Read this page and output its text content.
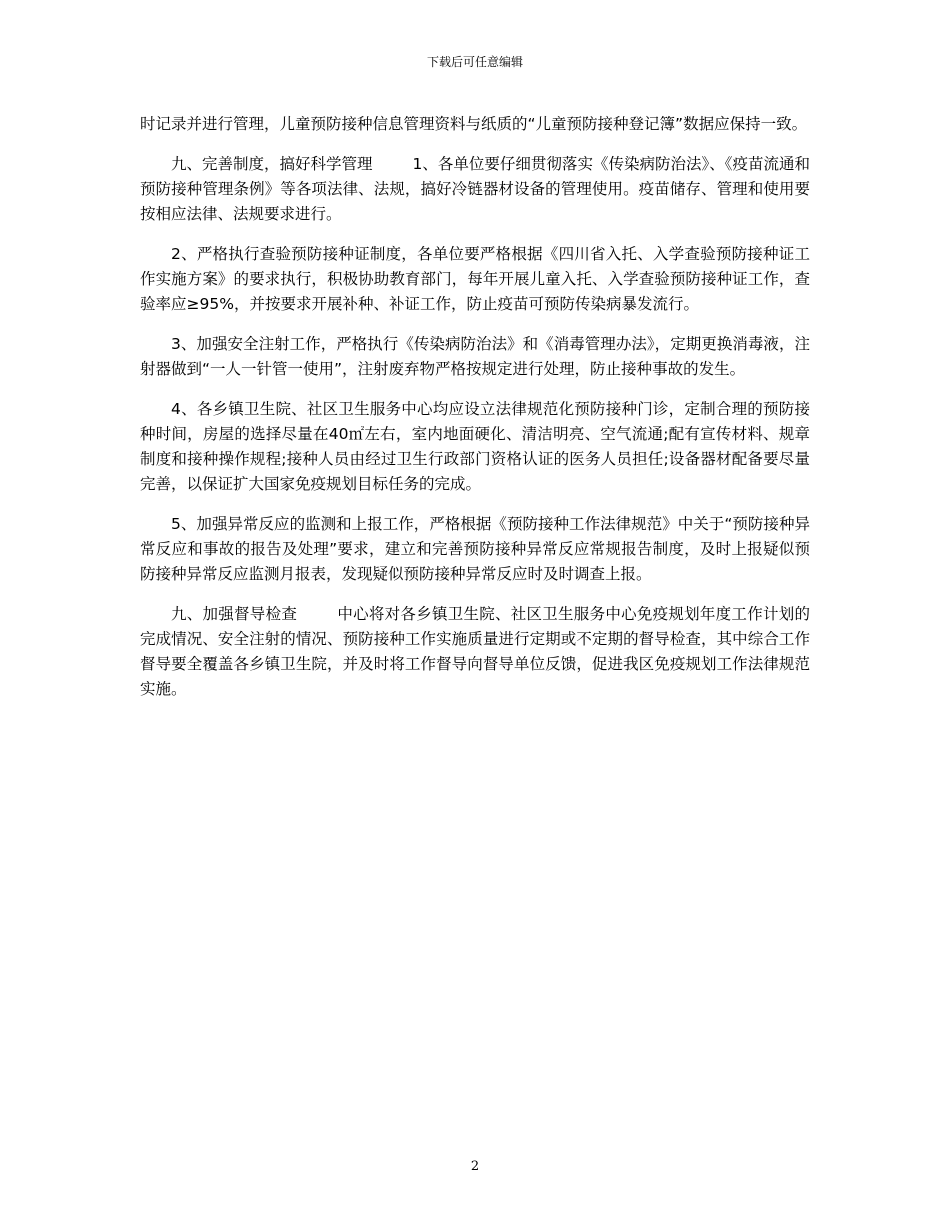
下载后可任意编辑

时记录并进行管理，儿童预防接种信息管理资料与纸质的“儿童预防接种登记簿”数据应保持一致。

九、完善制度，搞好科学管理	1、各单位要仔细贯彻落实《传染病防治法》、《疫苗流通和预防接种管理条例》等各项法律、法规，搞好冷链器材设备的管理使用。疫苗储存、管理和使用要按相应法律、法规要求进行。

2、严格执行查验预防接种证制度，各单位要严格根据《四川省入托、入学查验预防接种证工作实施方案》的要求执行，积极协助教育部门，每年开展儿童入托、入学查验预防接种证工作，查验率应≥95%，并按要求开展补种、补证工作，防止疫苗可预防传染病暴发流行。

3、加强安全注射工作，严格执行《传染病防治法》和《消毒管理办法》，定期更换消毒液，注射器做到“一人一针管一使用”，注射废弃物严格按规定进行处理，防止接种事故的发生。

4、各乡镇卫生院、社区卫生服务中心均应设立法律规范化预防接种门诊，定制合理的预防接种时间，房屋的选择尽量在40㎡左右，室内地面硬化、清洁明亮、空气流通;配有宣传材料、规章制度和接种操作规程;接种人员由经过卫生行政部门资格认证的医务人员担任;设备器材配备要尽量完善，以保证扩大国家免疫规划目标任务的完成。

5、加强异常反应的监测和上报工作，严格根据《预防接种工作法律规范》中关于“预防接种异常反应和事故的报告及处理”要求，建立和完善预防接种异常反应常规报告制度，及时上报疑似预防接种异常反应监测月报表，发现疑似预防接种异常反应时及时调查上报。

九、加强督导检查	中心将对各乡镇卫生院、社区卫生服务中心免疫规划年度工作计划的完成情况、安全注射的情况、预防接种工作实施质量进行定期或不定期的督导检查，其中综合工作督导要全覆盖各乡镇卫生院，并及时将工作督导向督导单位反馈，促进我区免疫规划工作法律规范实施。

2
